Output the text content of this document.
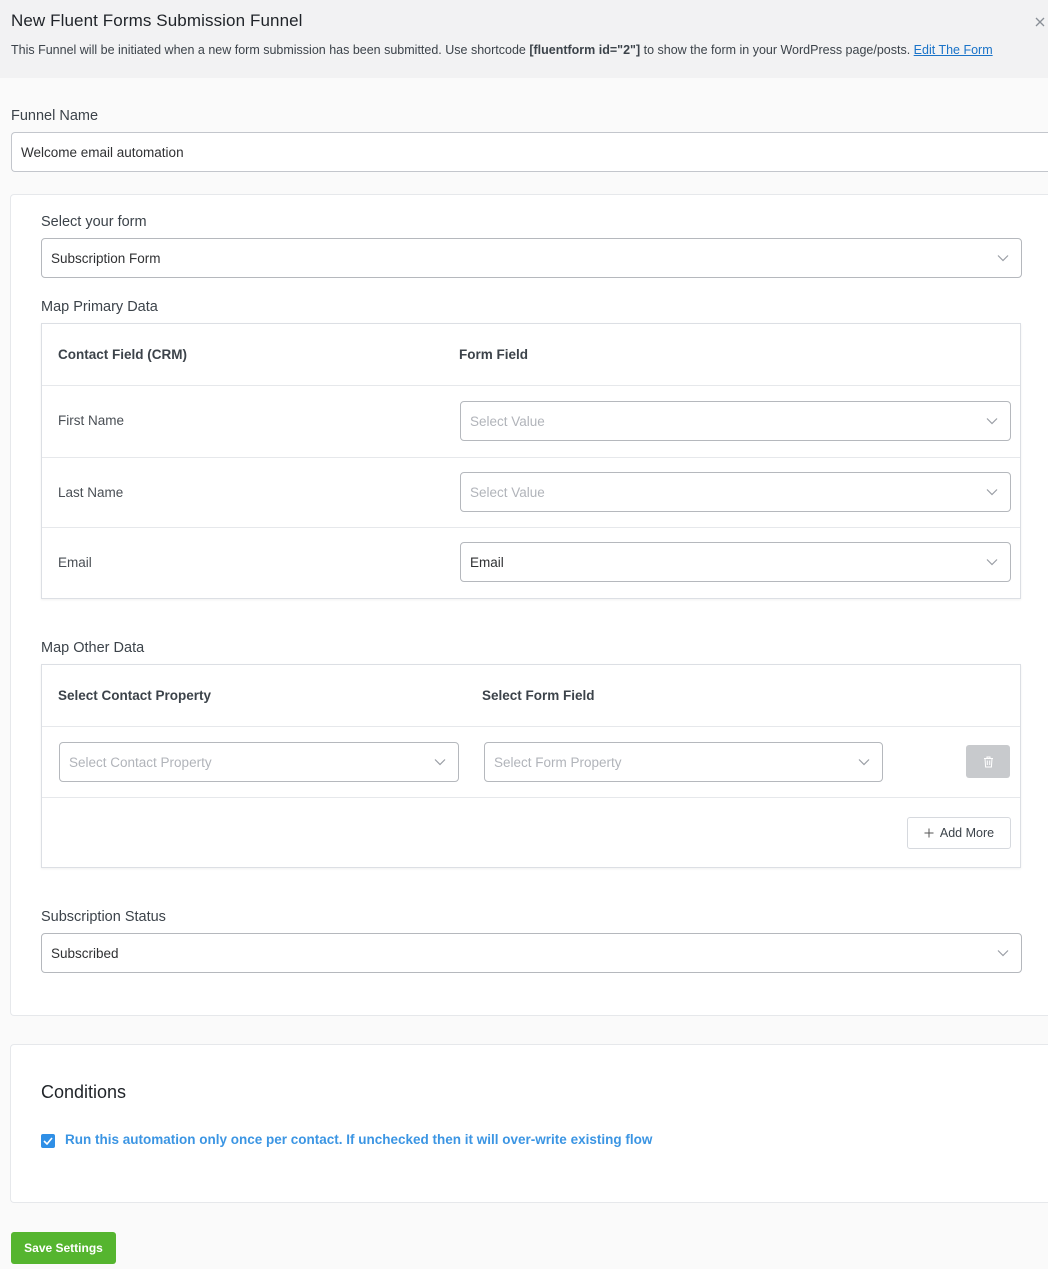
New Fluent Forms Submission Funnel
This Funnel will be initiated when a new form submission has been submitted. Use shortcode [fluentform id="2"] to show the form in your WordPress page/posts. Edit The Form
Funnel Name
Welcome email automation
Select your form
Subscription Form
Map Primary Data
Contact Field (CRM)	Form Field
First Name	Select Value
Last Name	Select Value
Email	Email
Map Other Data
Select Contact Property	Select Form Field
Select Contact Property	Select Form Property
Add More
Subscription Status
Subscribed
Conditions
Run this automation only once per contact. If unchecked then it will over-write existing flow
Save Settings
